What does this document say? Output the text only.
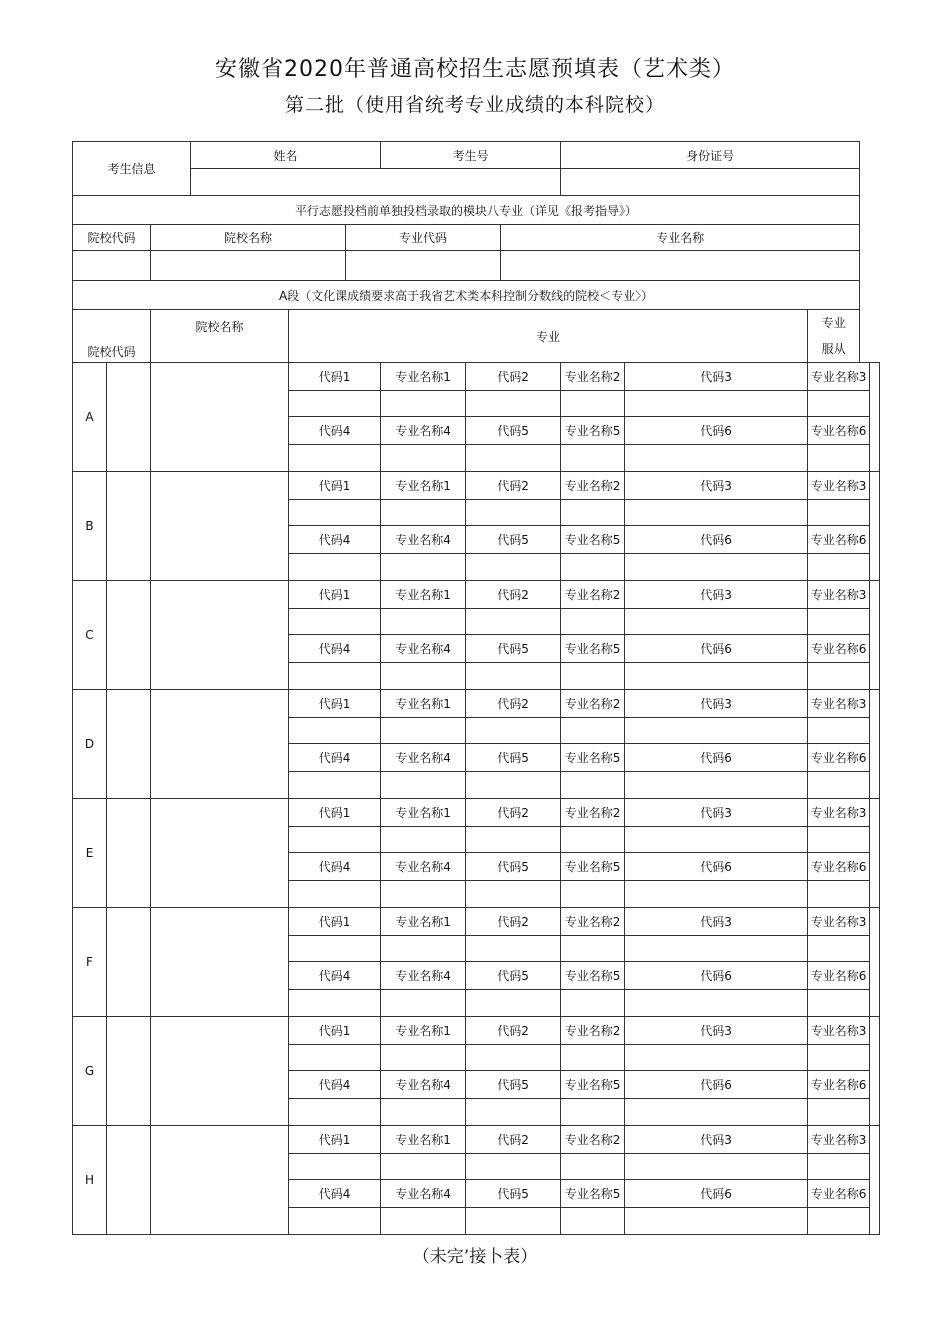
安徽省2020年普通高校招生志愿预填表（艺术类）
第二批（使用省统考专业成绩的本科院校）
考生信息			姓名			考生号			身份证号			

平行志愿投档前单独投档录取的模块八专业（详见《报考指导》）												
院校代码		院校名称			专业代码			专业名称				

A段（文化课成绩要求高于我省艺术类本科控制分数线的院校＜专业〉）												
院校代码		院校名称		专业							专业
服从	
A				代码1		专业名称1	代码2		专业名称2	代码3	专业名称3	

				代码4		专业名称4	代码5		专业名称5	代码6	专业名称6	

B				代码1		专业名称1	代码2		专业名称2	代码3	专业名称3	

				代码4		专业名称4	代码5		专业名称5	代码6	专业名称6	

C				代码1		专业名称1	代码2		专业名称2	代码3	专业名称3	

				代码4		专业名称4	代码5		专业名称5	代码6	专业名称6	

D				代码1		专业名称1	代码2		专业名称2	代码3	专业名称3	

				代码4		专业名称4	代码5		专业名称5	代码6	专业名称6	

E				代码1		专业名称1	代码2		专业名称2	代码3	专业名称3	

				代码4		专业名称4	代码5		专业名称5	代码6	专业名称6	

F				代码1		专业名称1	代码2		专业名称2	代码3	专业名称3	

				代码4		专业名称4	代码5		专业名称5	代码6	专业名称6	

G				代码1		专业名称1	代码2		专业名称2	代码3	专业名称3	

				代码4		专业名称4	代码5		专业名称5	代码6	专业名称6	

H				代码1		专业名称1	代码2		专业名称2	代码3	专业名称3	

				代码4		专业名称4	代码5		专业名称5	代码6	专业名称6	

（未完’接卜表）
